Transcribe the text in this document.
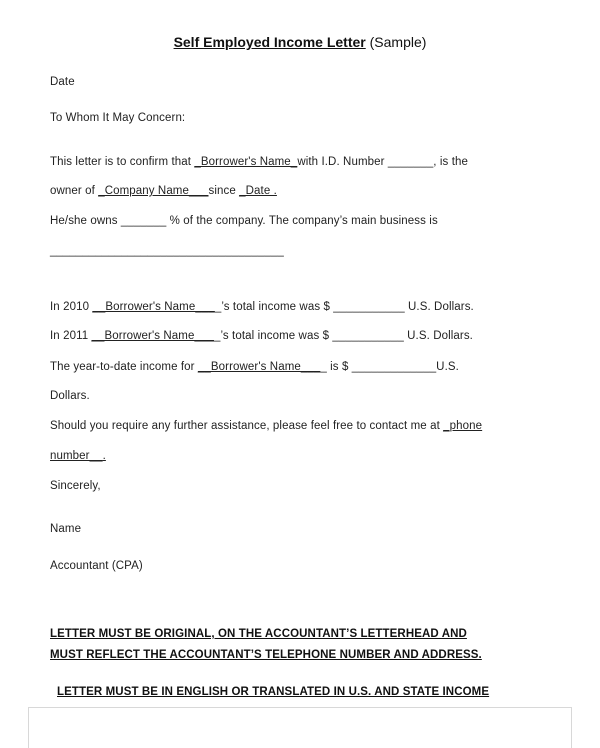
Self Employed Income Letter (Sample)
Date
To Whom It May Concern:
This letter is to confirm that _Borrower's Name_with I.D. Number _______, is the
owner of _Company Name___since _Date .
He/she owns _______ % of the company. The company’s main business is
____________________________________
In 2010 __Borrower's Name____’s total income was $ ___________ U.S. Dollars.
In 2011 __Borrower's Name____’s total income was $ ___________ U.S. Dollars.
The year-to-date income for __Borrower's Name____ is $ _____________U.S.
Dollars.
Should you require any further assistance, please feel free to contact me at _phone
number__.
Sincerely,
Name
Accountant (CPA)
LETTER MUST BE ORIGINAL, ON THE ACCOUNTANT’S LETTERHEAD AND
MUST REFLECT THE ACCOUNTANT’S TELEPHONE NUMBER AND ADDRESS.
LETTER MUST BE IN ENGLISH OR TRANSLATED IN U.S. AND STATE INCOME
